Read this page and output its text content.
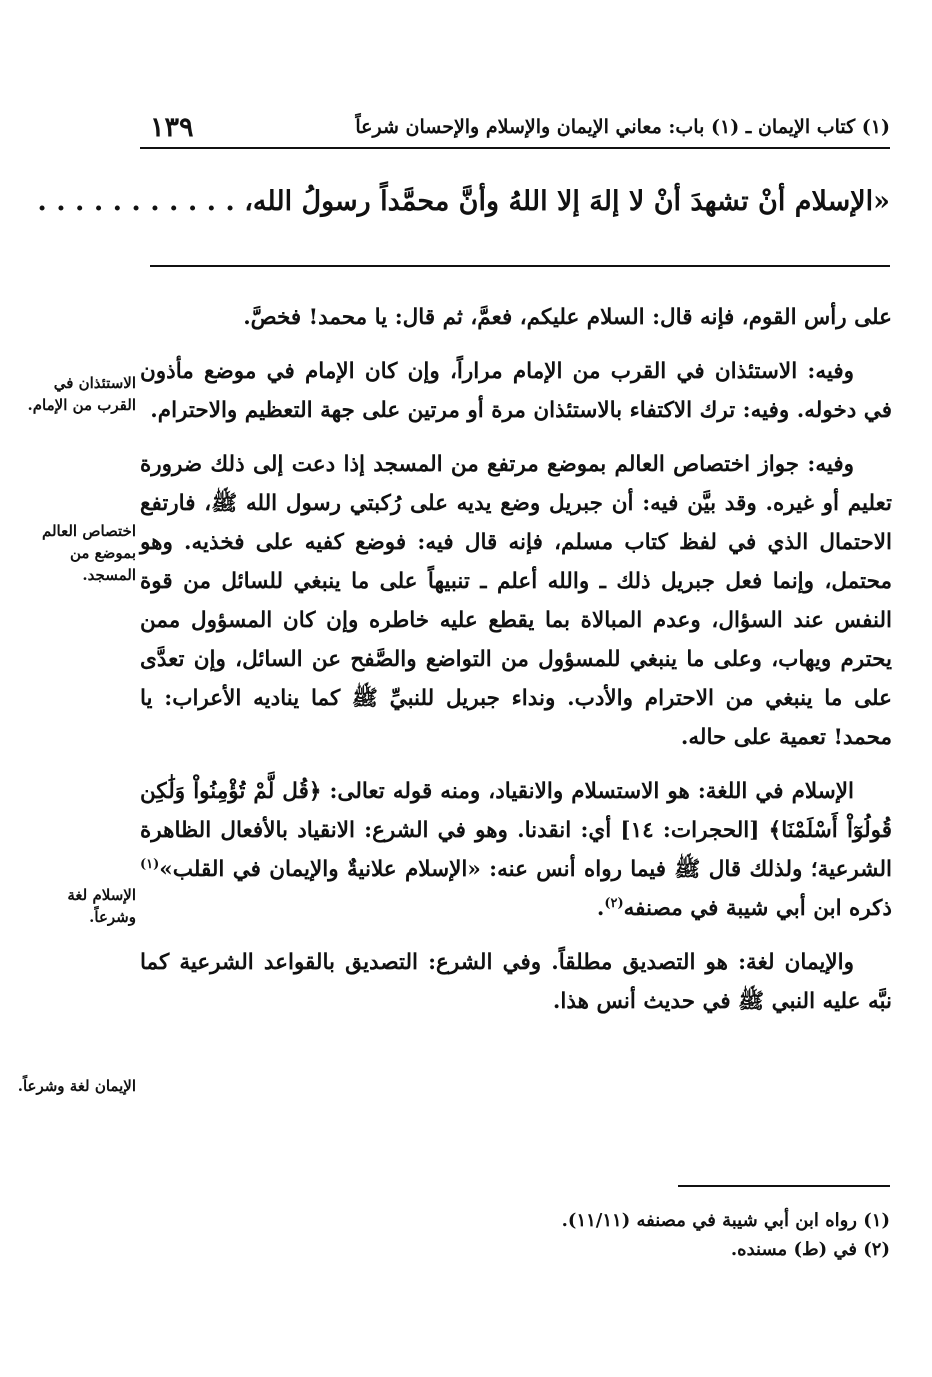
(١) كتاب الإيمان ـ (١) باب: معاني الإيمان والإسلام والإحسان شرعاً
١٣٩
«الإسلام أنْ تشهدَ أنْ لا إلهَ إلا اللهُ وأنَّ محمَّداً رسولُ الله، . . . . . . . . . . .

على رأس القوم، فإنه قال: السلام عليكم، فعمَّ، ثم قال: يا محمد! فخصَّ.

وفيه: الاستئذان في القرب من الإمام مراراً، وإن كان الإمام في موضع مأذون في دخوله. وفيه: ترك الاكتفاء بالاستئذان مرة أو مرتين على جهة التعظيم والاحترام.

وفيه: جواز اختصاص العالم بموضع مرتفع من المسجد إذا دعت إلى ذلك ضرورة تعليم أو غيره. وقد بيَّن فيه: أن جبريل وضع يديه على رُكبتي رسول الله ﷺ، فارتفع الاحتمال الذي في لفظ كتاب مسلم، فإنه قال فيه: فوضع كفيه على فخذيه. وهو محتمل، وإنما فعل جبريل ذلك ـ والله أعلم ـ تنبيهاً على ما ينبغي للسائل من قوة النفس عند السؤال، وعدم المبالاة بما يقطع عليه خاطره وإن كان المسؤول ممن يحترم ويهاب، وعلى ما ينبغي للمسؤول من التواضع والصَّفح عن السائل، وإن تعدَّى على ما ينبغي من الاحترام والأدب. ونداء جبريل للنبيِّ ﷺ كما يناديه الأعراب: يا محمد! تعمية على حاله.

الإسلام في اللغة: هو الاستسلام والانقياد، ومنه قوله تعالى: ﴿قُل لَّمْ تُؤْمِنُواْ وَلَٰكِن قُولُوٓاْ أَسْلَمْنَا﴾ [الحجرات: ١٤] أي: انقدنا. وهو في الشرع: الانقياد بالأفعال الظاهرة الشرعية؛ ولذلك قال ﷺ فيما رواه أنس عنه: «الإسلام علانيةٌ والإيمان في القلب»$^{(١)}$ ذكره ابن أبي شيبة في مصنفه$^{(٢)}$.

والإيمان لغة: هو التصديق مطلقاً. وفي الشرع: التصديق بالقواعد الشرعية كما نبَّه عليه النبي ﷺ في حديث أنس هذا.

الاستئذان في القرب من الإمام.
اختصاص العالم بموضع من المسجد.
الإسلام لغة وشرعاً.
الإيمان لغة وشرعاً.

(١) رواه ابن أبي شيبة في مصنفه (١١/١١).

(٢) في (ط) مسنده.
